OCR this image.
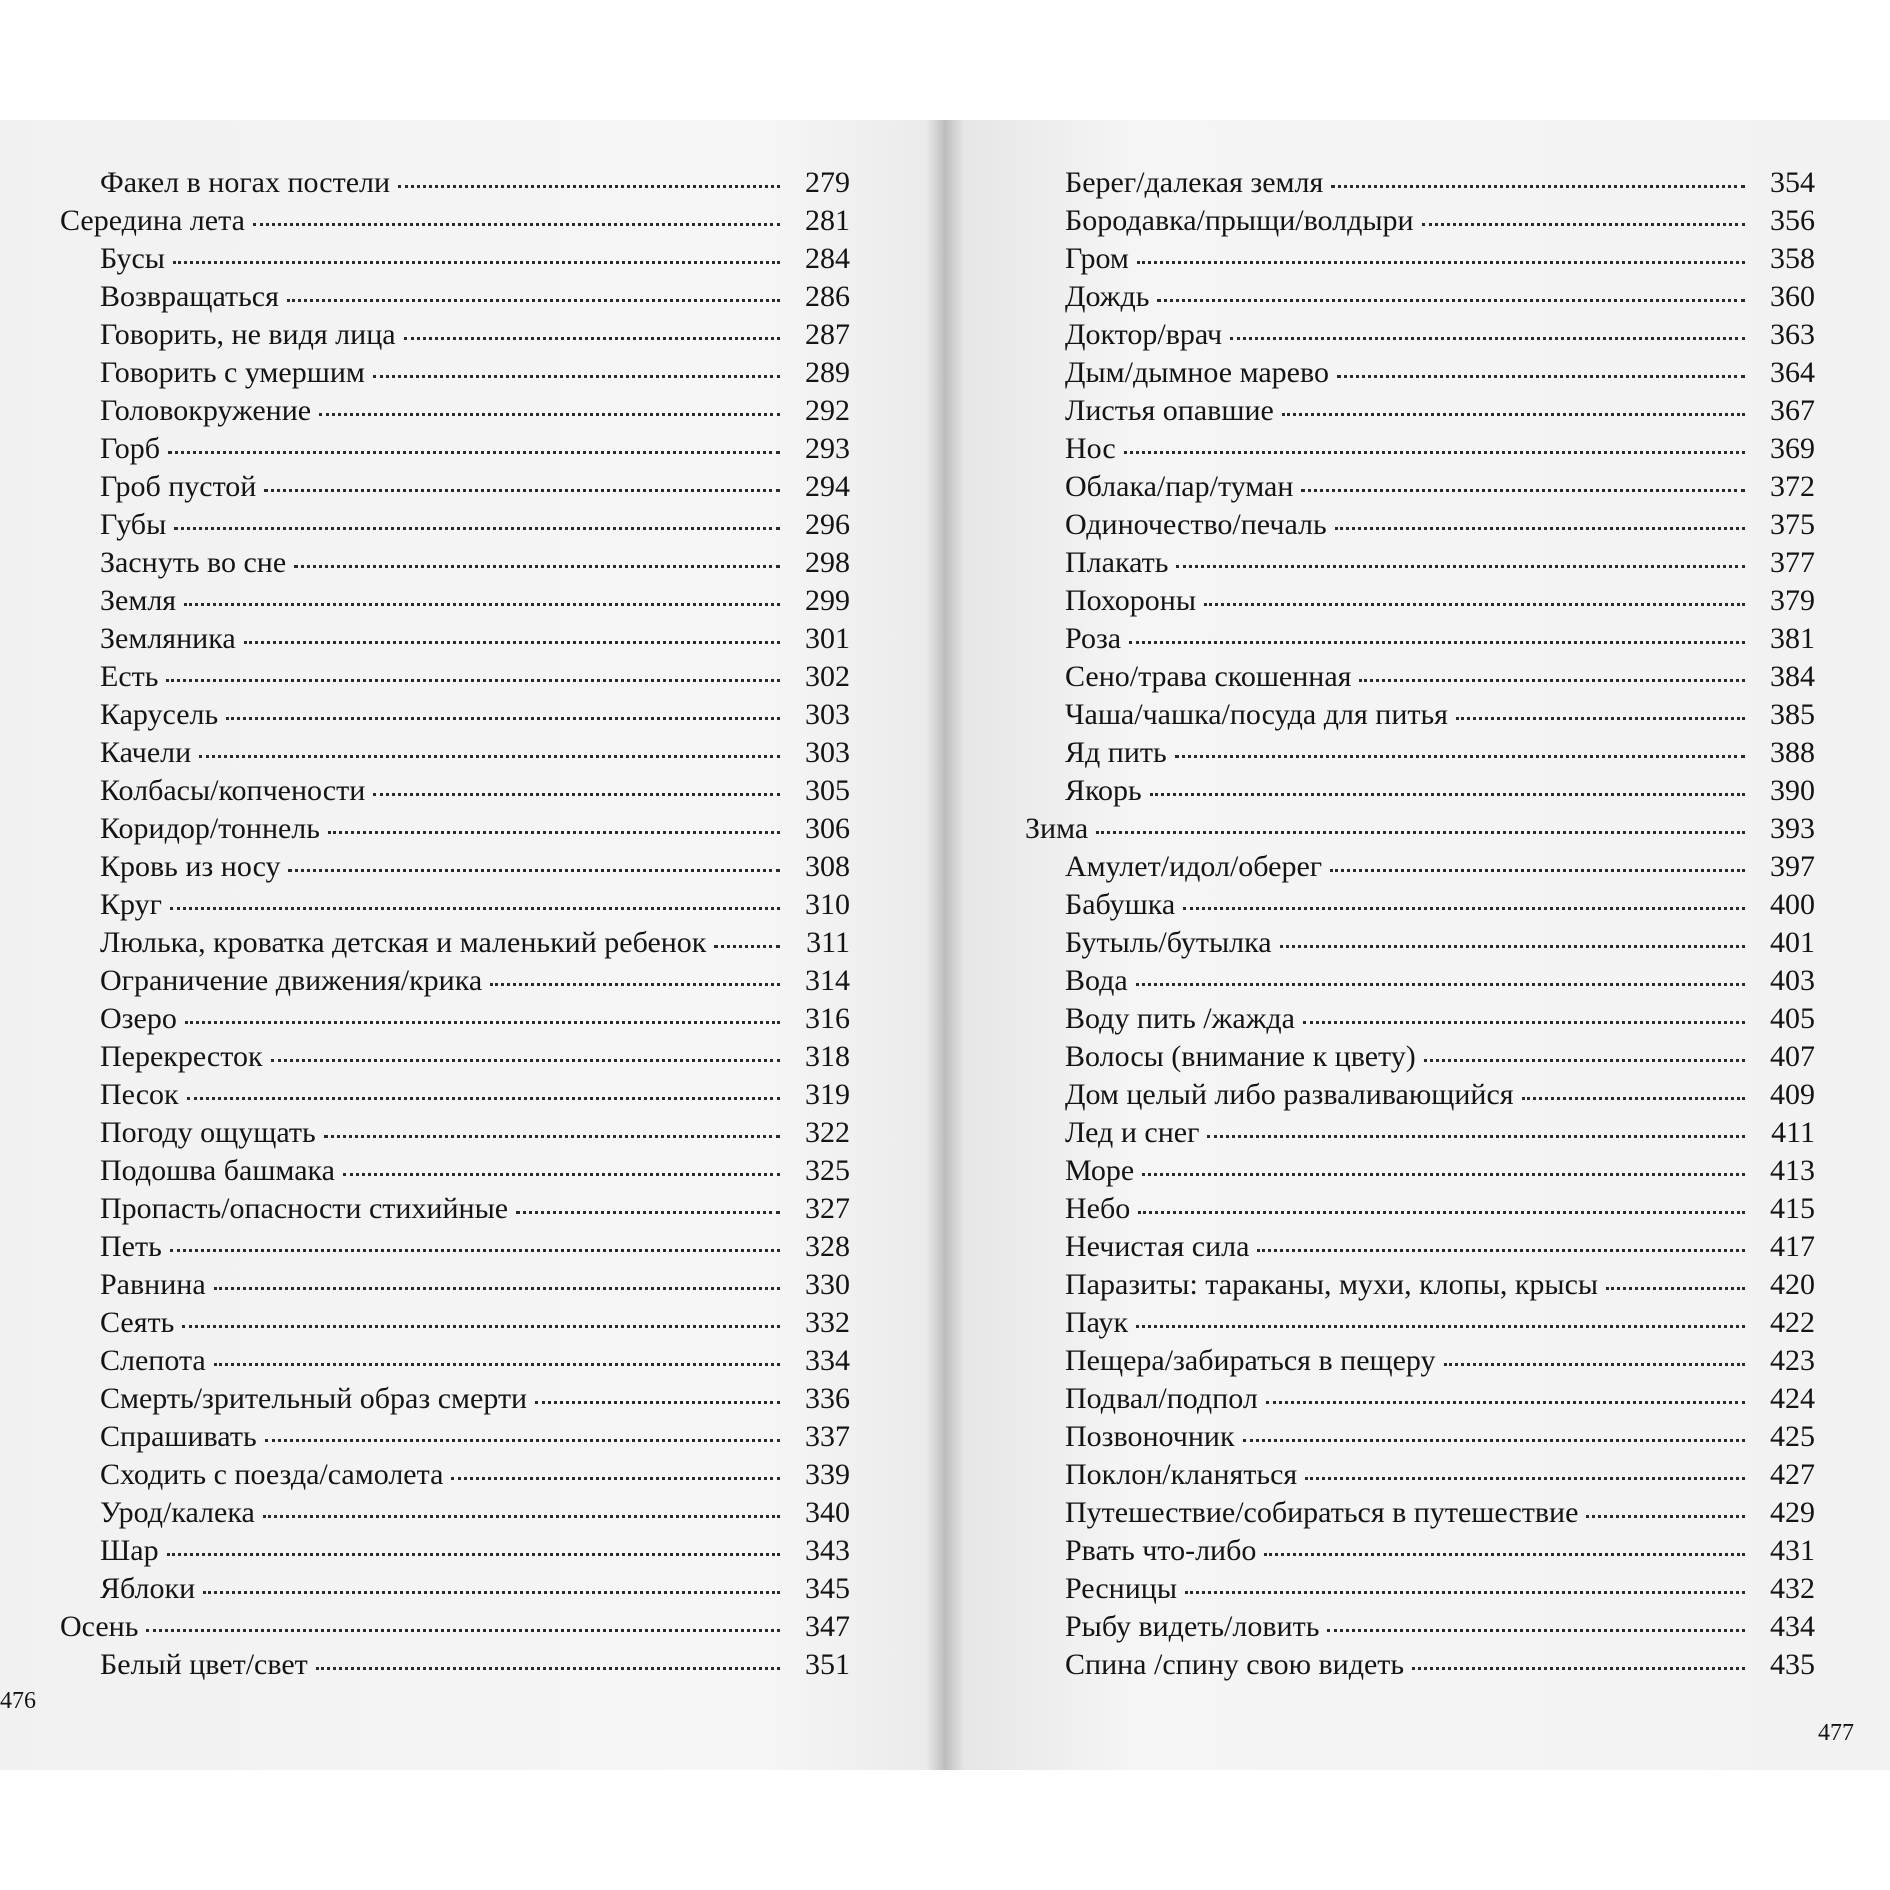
Факел в ногах постели	279
Середина лета	281
Бусы	284
Возвращаться	286
Говорить, не видя лица	287
Говорить с умершим	289
Головокружение	292
Горб	293
Гроб пустой	294
Губы	296
Заснуть во сне	298
Земля	299
Земляника	301
Есть	302
Карусель	303
Качели	303
Колбасы/копчености	305
Коридор/тоннель	306
Кровь из носу	308
Круг	310
Люлька, кроватка детская и маленький ребенок	311
Ограничение движения/крика	314
Озеро	316
Перекресток	318
Песок	319
Погоду ощущать	322
Подошва башмака	325
Пропасть/опасности стихийные	327
Петь	328
Равнина	330
Сеять	332
Слепота	334
Смерть/зрительный образ смерти	336
Спрашивать	337
Сходить с поезда/самолета	339
Урод/калека	340
Шар	343
Яблоки	345
Осень	347
Белый цвет/свет	351
476
Берег/далекая земля	354
Бородавка/прыщи/волдыри	356
Гром	358
Дождь	360
Доктор/врач	363
Дым/дымное марево	364
Листья опавшие	367
Нос	369
Облака/пар/туман	372
Одиночество/печаль	375
Плакать	377
Похороны	379
Роза	381
Сено/трава скошенная	384
Чаша/чашка/посуда для питья	385
Яд пить	388
Якорь	390
Зима	393
Амулет/идол/оберег	397
Бабушка	400
Бутыль/бутылка	401
Вода	403
Воду пить /жажда	405
Волосы (внимание к цвету)	407
Дом целый либо разваливающийся	409
Лед и снег	411
Море	413
Небо	415
Нечистая сила	417
Паразиты: тараканы, мухи, клопы, крысы	420
Паук	422
Пещера/забираться в пещеру	423
Подвал/подпол	424
Позвоночник	425
Поклон/кланяться	427
Путешествие/собираться в путешествие	429
Рвать что-либо	431
Ресницы	432
Рыбу видеть/ловить	434
Спина /спину свою видеть	435
477
